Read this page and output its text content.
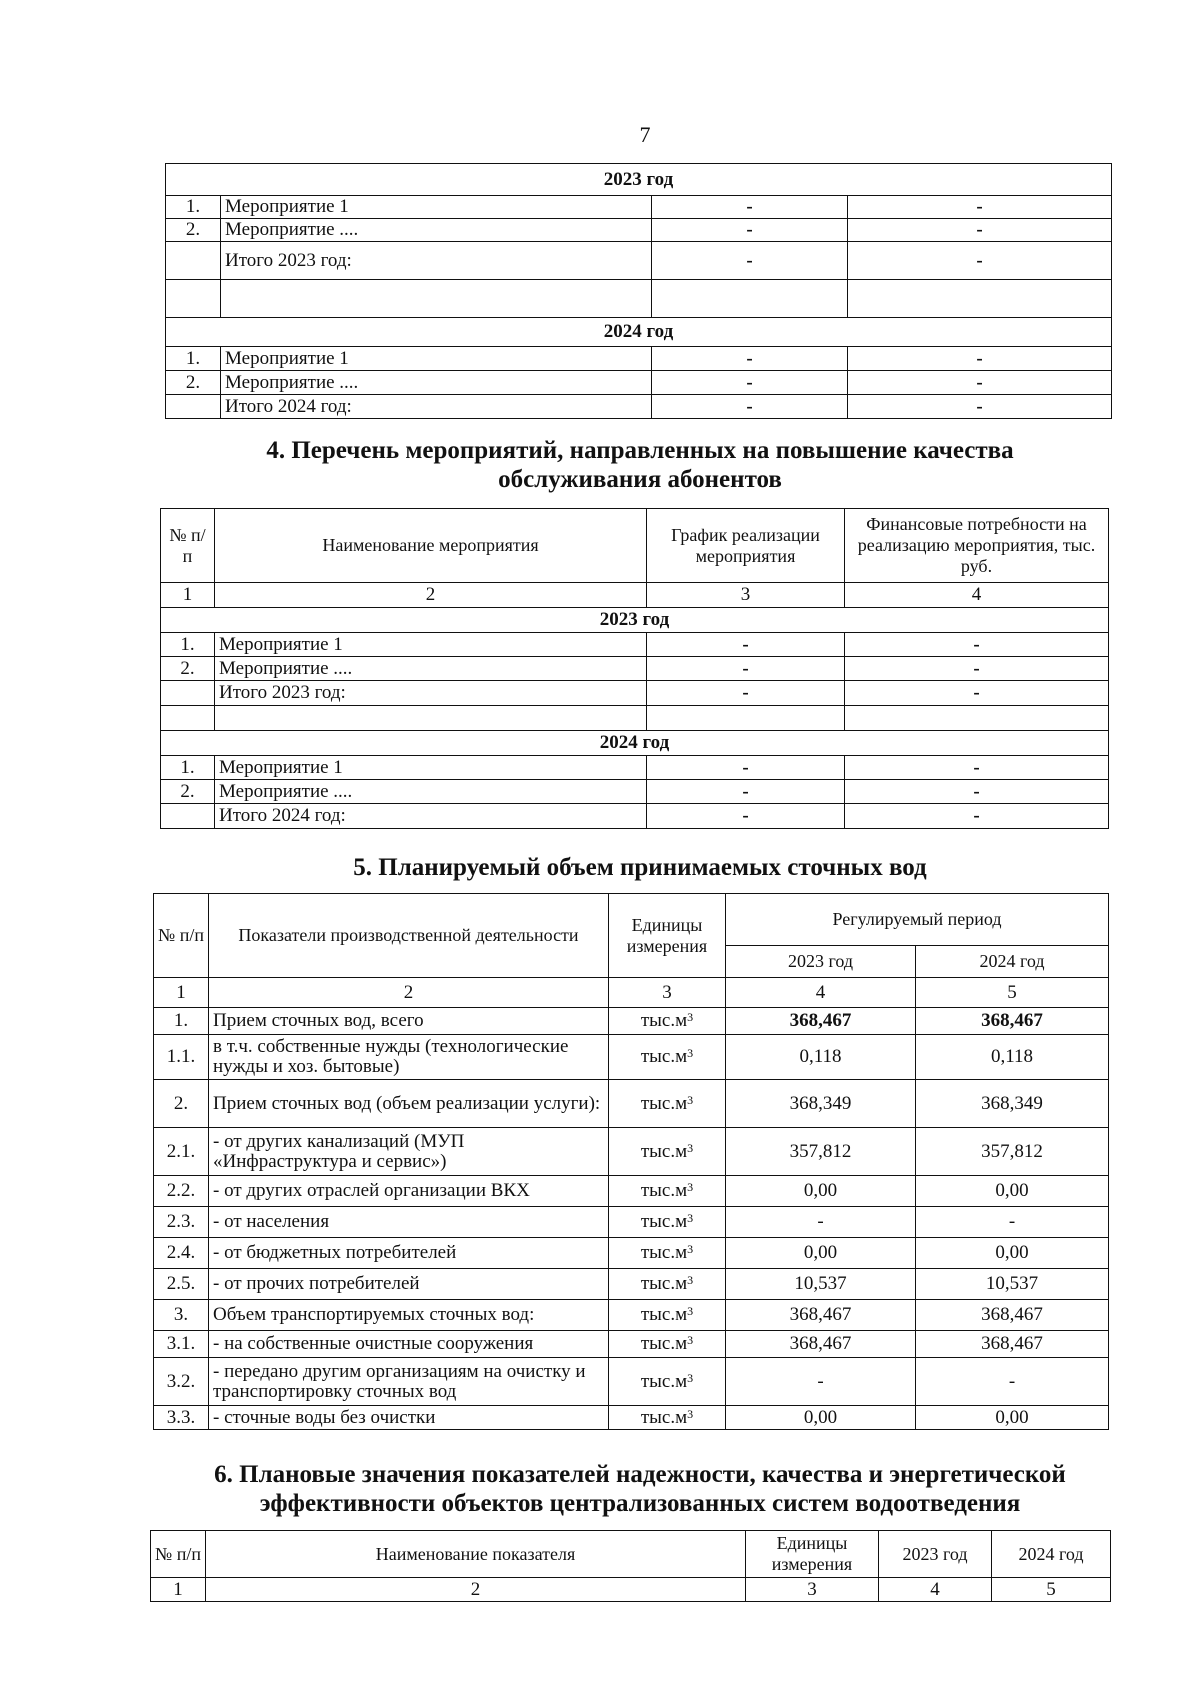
7
2023 год			
1.	Мероприятие 1	-	-
2.	Мероприятие ....	-	-
	Итого 2023 год:	-	-

2024 год			
1.	Мероприятие 1	-	-
2.	Мероприятие ....	-	-
	Итого 2024 год:	-	-
4. Перечень мероприятий, направленных на повышение качества
обслуживания абонентов
№ п/п	Наименование мероприятия	График реализации мероприятия	Финансовые потребности на реализацию мероприятия, тыс. руб.
1	2	3	4
2023 год			
1.	Мероприятие 1	-	-
2.	Мероприятие ....	-	-
	Итого 2023 год:	-	-

2024 год			
1.	Мероприятие 1	-	-
2.	Мероприятие ....	-	-
	Итого 2024 год:	-	-
5. Планируемый объем принимаемых сточных вод
№ п/п	Показатели производственной деятельности	Единицы измерения	Регулируемый период	
			2023 год	2024 год
1	2	3	4	5
1.	Прием сточных вод, всего	$тыс.м^3$	368,467	368,467
1.1.	в т.ч. собственные нужды (технологические нужды и хоз. бытовые)	$тыс.м^3$	0,118	0,118
2.	Прием сточных вод (объем реализации услуги):	$тыс.м^3$	368,349	368,349
2.1.	- от других канализаций (МУП «Инфраструктура и сервис»)	$тыс.м^3$	357,812	357,812
2.2.	- от других отраслей организации ВКХ	$тыс.м^3$	0,00	0,00
2.3.	- от населения	$тыс.м^3$	-	-
2.4.	- от бюджетных потребителей	$тыс.м^3$	0,00	0,00
2.5.	- от прочих потребителей	$тыс.м^3$	10,537	10,537
3.	Объем транспортируемых сточных вод:	$тыс.м^3$	368,467	368,467
3.1.	- на собственные очистные сооружения	$тыс.м^3$	368,467	368,467
3.2.	- передано другим организациям на очистку и транспортировку сточных вод	$тыс.м^3$	-	-
3.3.	- сточные воды без очистки	$тыс.м^3$	0,00	0,00
6. Плановые значения показателей надежности, качества и энергетической
эффективности объектов централизованных систем водоотведения
№ п/п	Наименование показателя	Единицы измерения	2023 год	2024 год
1	2	3	4	5
